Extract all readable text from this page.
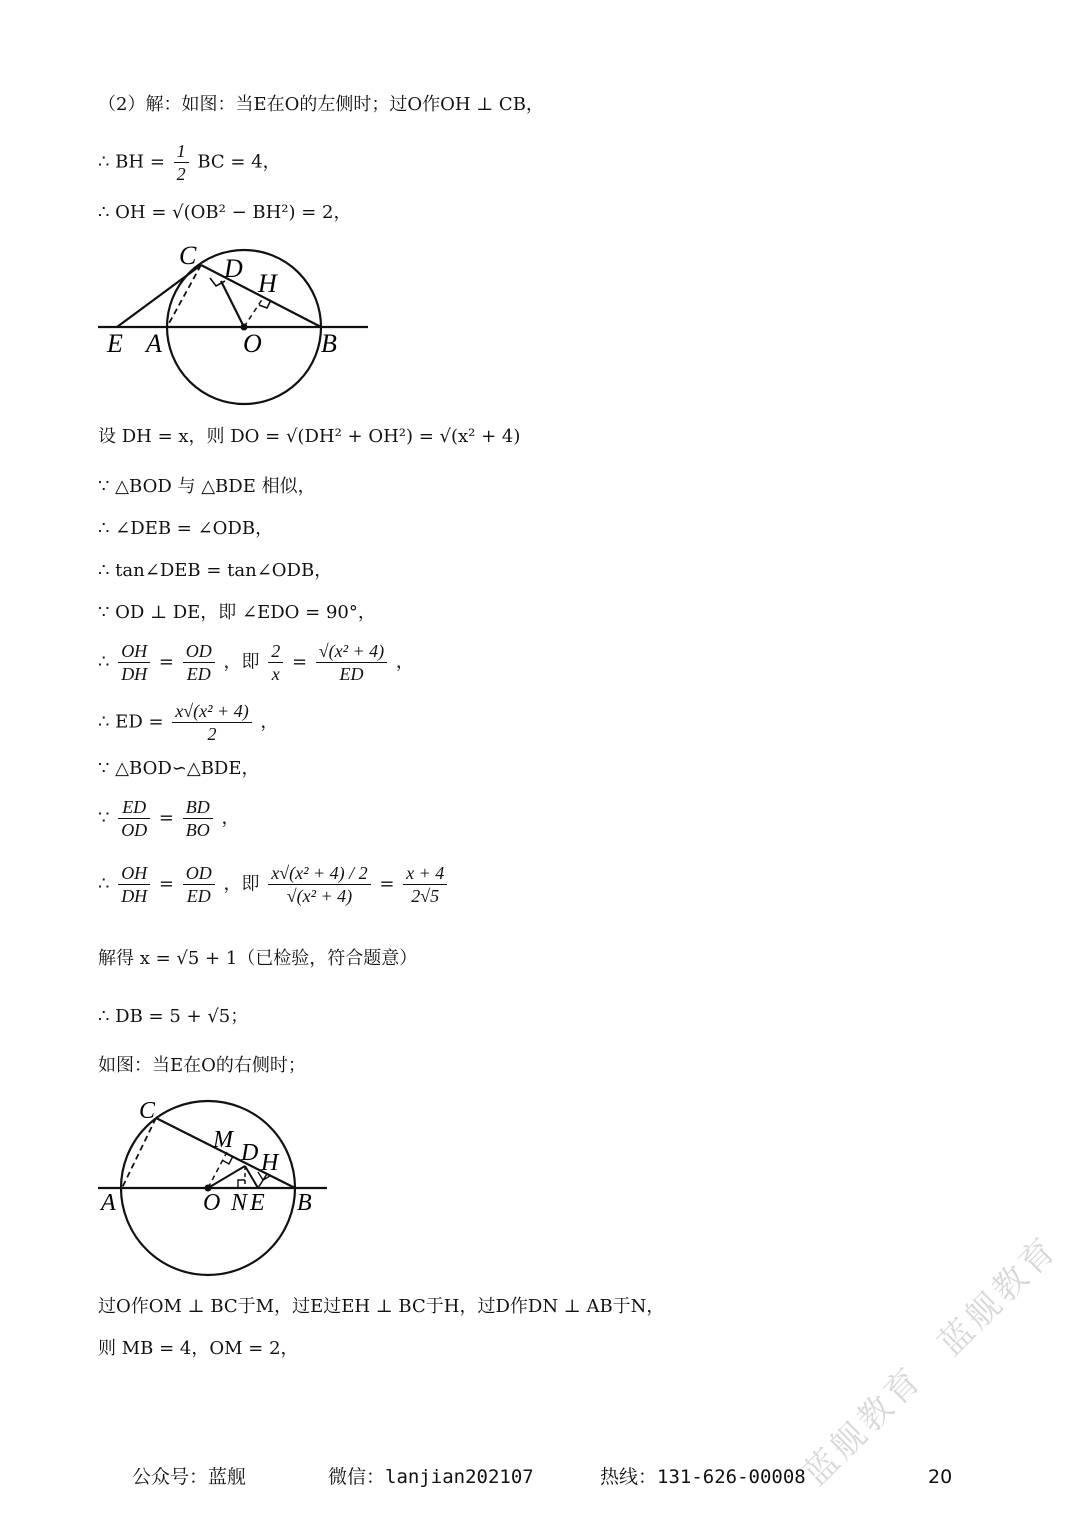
（2）解：如图：当E在O的左侧时；过O作OH ⊥ CB，
∴ BH = $\frac{1}{2}$ BC = 4，
∴ OH = √(OB² − BH²) = 2，
C D
H
E A	O B
设 DH = x，则 DO = √(DH² + OH²) = √(x² + 4)
∵ △BOD 与 △BDE 相似，
∴ ∠DEB = ∠ODB，
∴ tan∠DEB = tan∠ODB，
∵ OD ⊥ DE，即 ∠EDO = 90°，
∴ $\frac{OH}{DH} = \frac{OD}{ED}$ ，即 $\frac{2}{x} = \frac{\text{√(x² + 4)}}{ED}$ ，
∴ ED = $\frac{\text{x√(x² + 4)}}{2}$ ，
∵ △BOD∽△BDE，
∵ $\frac{ED}{OD} = \frac{BD}{BO}$ ，
∴ $\frac{OH}{DH} = \frac{OD}{ED}$ ，即 $\frac{\text{x√(x² + 4) / 2}}{\text{√(x² + 4)}} = \frac{x + 4}{2√5}$
解得 x = √5 + 1（已检验，符合题意）
∴ DB = 5 + √5；
如图：当E在O的右侧时；
C
M D H
A	O N E B
过O作OM ⊥ BC于M，过E过EH ⊥ BC于H，过D作DN ⊥ AB于N，
则 MB = 4，OM = 2，
蓝舰教育
蓝舰教育
公众号：蓝舰	微信：lanjian202107	热线：131-626-00008	20
